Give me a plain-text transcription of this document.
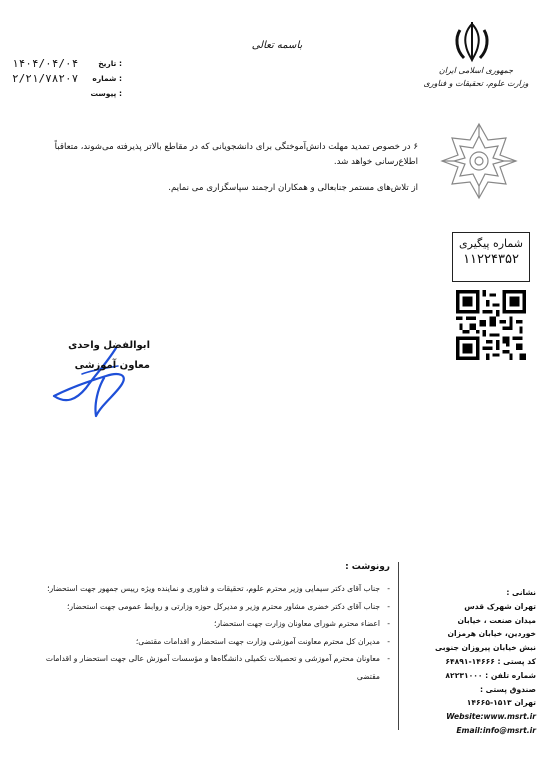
باسمه تعالی
تاریخ :
۱۴۰۴/۰۴/۰۴
شماره :
۲/۲۱/۷۸۲۰۷
پیوست :
جمهوری اسلامی ایران
وزارت علوم، تحقیقات و فناوری

۶ در خصوص تمدید مهلت دانش‌آموختگی برای دانشجویانی که در مقاطع بالاتر پذیرفته می‌شوند، متعاقباً اطلاع‌رسانی خواهد شد.

از تلاش‌های مستمر جنابعالی و همکاران ارجمند سپاسگزاری می نمایم.

شماره پیگیری
۱۱۲۲۴۳۵۲
ابوالفضل واحدی
معاون آموزشی
رونوشت :
- جناب آقای دکتر سیمایی وزیر محترم علوم، تحقیقات و فناوری و نماینده ویژه رییس جمهور جهت استحضار؛
- جناب آقای دکتر خضری مشاور محترم وزیر و مدیرکل حوزه وزارتی و روابط عمومی جهت استحضار؛
- اعضاء محترم شورای معاونان وزارت جهت استحضار؛
- مدیران کل محترم معاونت آموزشی وزارت جهت استحضار و اقدامات مقتضی؛
- معاونان محترم آموزشی و تحصیلات تکمیلی دانشگاه‌ها و مؤسسات آموزش عالی جهت استحضار و اقدامات مقتضی
نشانی :
تهران شهرک قدس
میدان صنعت ، خیابان
خوردین، خیابان هرمزان
نبش خیابان پیروزان جنوبی
کد پستی : ۱۴۶۶۶-۶۴۸۹۱
شماره تلفن : ۸۲۲۳۱۰۰۰
صندوق پستی :
تهران ۱۵۱۳-۱۴۶۶۵
Website:www.msrt.ir
Email:info@msrt.ir
